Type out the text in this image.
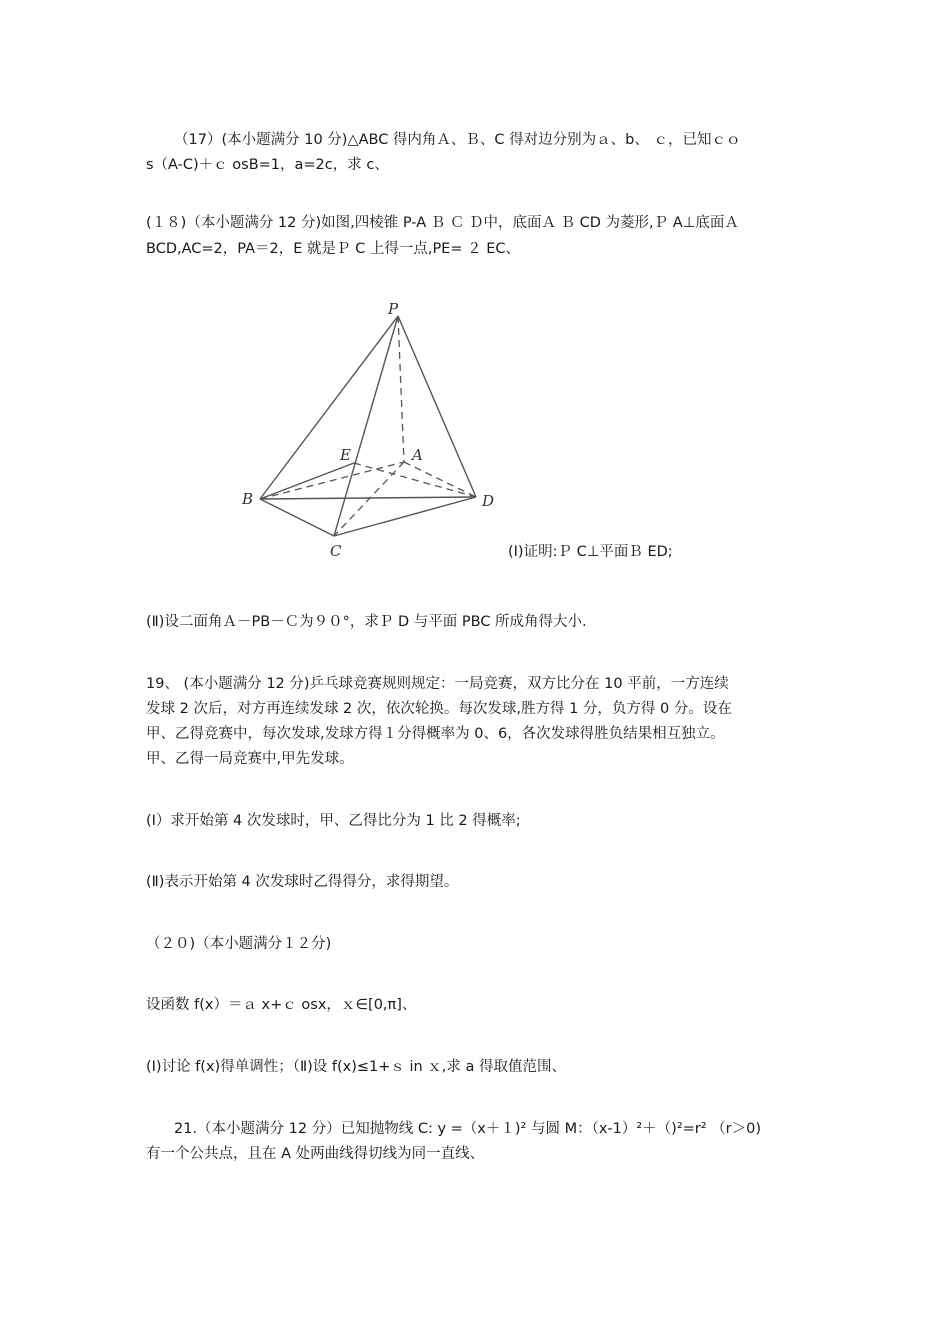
（17）(本小题满分 10 分)△ABC 得内角Ａ、Ｂ、C 得对边分别为ａ、b、 ｃ，已知ｃｏ

s（A-C)＋ｃ osB=1，a=2c，求 c、

(１８)（本小题满分 12 分)如图,四棱锥 P-A Ｂ Ｃ Ｄ中，底面Ａ Ｂ CD 为菱形,Ｐ A⊥底面Ａ

BCD,AC=2，PA＝2，E 就是Ｐ C 上得一点,PE= ２ EC、

P
A
B
C
D
E

(Ⅰ)证明:Ｐ C⊥平面Ｂ ED;

(Ⅱ)设二面角Ａ－PB－Ｃ为９０°，求Ｐ D 与平面 PBC 所成角得大小.

19、 (本小题满分 12 分)乒乓球竞赛规则规定：一局竞赛，双方比分在 10 平前，一方连续

发球 2 次后，对方再连续发球 2 次，依次轮换。每次发球,胜方得 1 分，负方得 0 分。设在

甲、乙得竞赛中，每次发球,发球方得１分得概率为 0、6，各次发球得胜负结果相互独立。

甲、乙得一局竞赛中,甲先发球。

(Ⅰ）求开始第 4 次发球时，甲、乙得比分为 1 比 2 得概率;

(Ⅱ)表示开始第 4 次发球时乙得得分，求得期望。

（２０)（本小题满分１２分)

设函数 f(x）＝ａ x+ｃ osx，ｘ∈[0,π]、

(Ⅰ)讨论 f(x)得单调性；（Ⅱ)设 f(x)≤1+ｓ in ｘ,求 a 得取值范围、

21.（本小题满分 12 分）已知抛物线 C: y =（x＋１)² 与圆 M：（x-1）²＋（)²=r² （r＞0)

有一个公共点，且在 A 处两曲线得切线为同一直线、
